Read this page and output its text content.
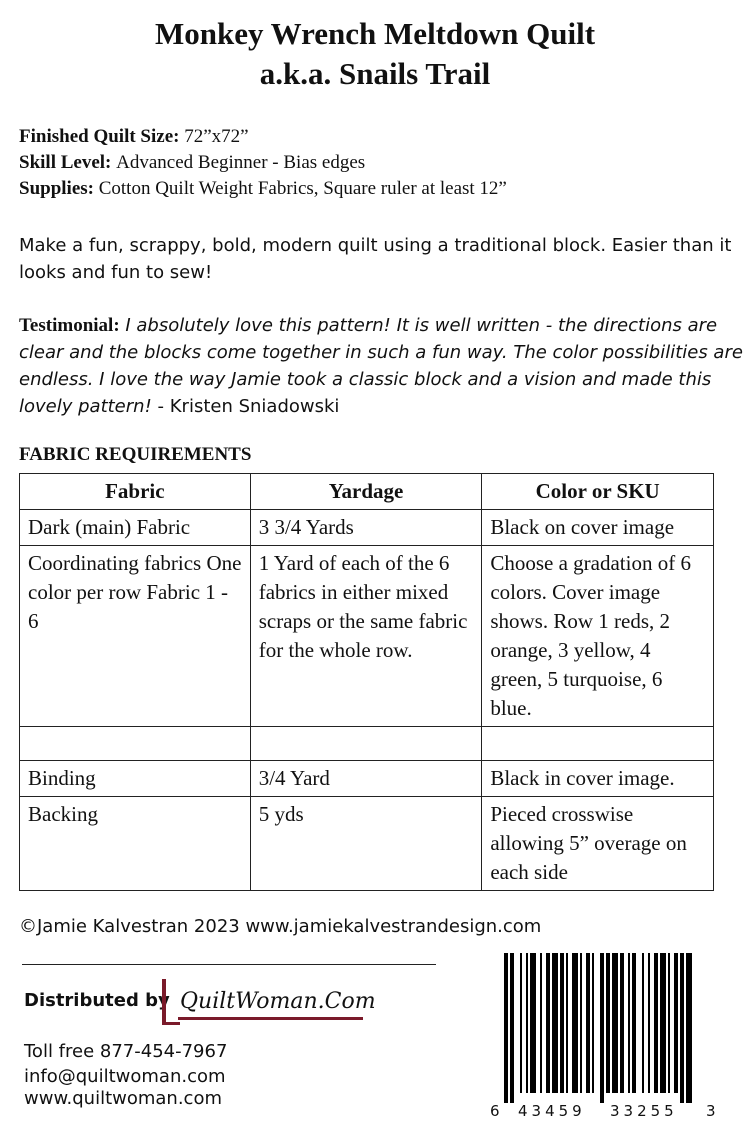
Monkey Wrench Meltdown Quilt
a.k.a. Snails Trail
Finished Quilt Size: 72”x72”
Skill Level: Advanced Beginner - Bias edges
Supplies: Cotton Quilt Weight Fabrics, Square ruler at least 12”
Make a fun, scrappy, bold, modern quilt using a traditional block. Easier than it looks and fun to sew!
Testimonial: I absolutely love this pattern! It is well written - the directions are clear and the blocks come together in such a fun way. The color possibilities are endless. I love the way Jamie took a classic block and a vision and made this lovely pattern! - Kristen Sniadowski
FABRIC REQUIREMENTS
Fabric	Yardage	Color or SKU
Dark (main) Fabric	3 3/4 Yards	Black on cover image
Coordinating fabrics One color per row Fabric 1 - 6	1 Yard of each of the 6 fabrics in either mixed scraps or the same fabric for the whole row.	Choose a gradation of 6 colors. Cover image shows. Row 1 reds, 2 orange, 3 yellow, 4 green, 5 turquoise, 6 blue.

Binding	3/4 Yard	Black in cover image.
Backing	5 yds	Pieced crosswise allowing 5” overage on each side
©Jamie Kalvestran 2023 www.jamiekalvestrandesign.com
Distributed by QuiltWoman.Com
Toll free 877-454-7967
info@quiltwoman.com
www.quiltwoman.com
6 43459 33255 3
